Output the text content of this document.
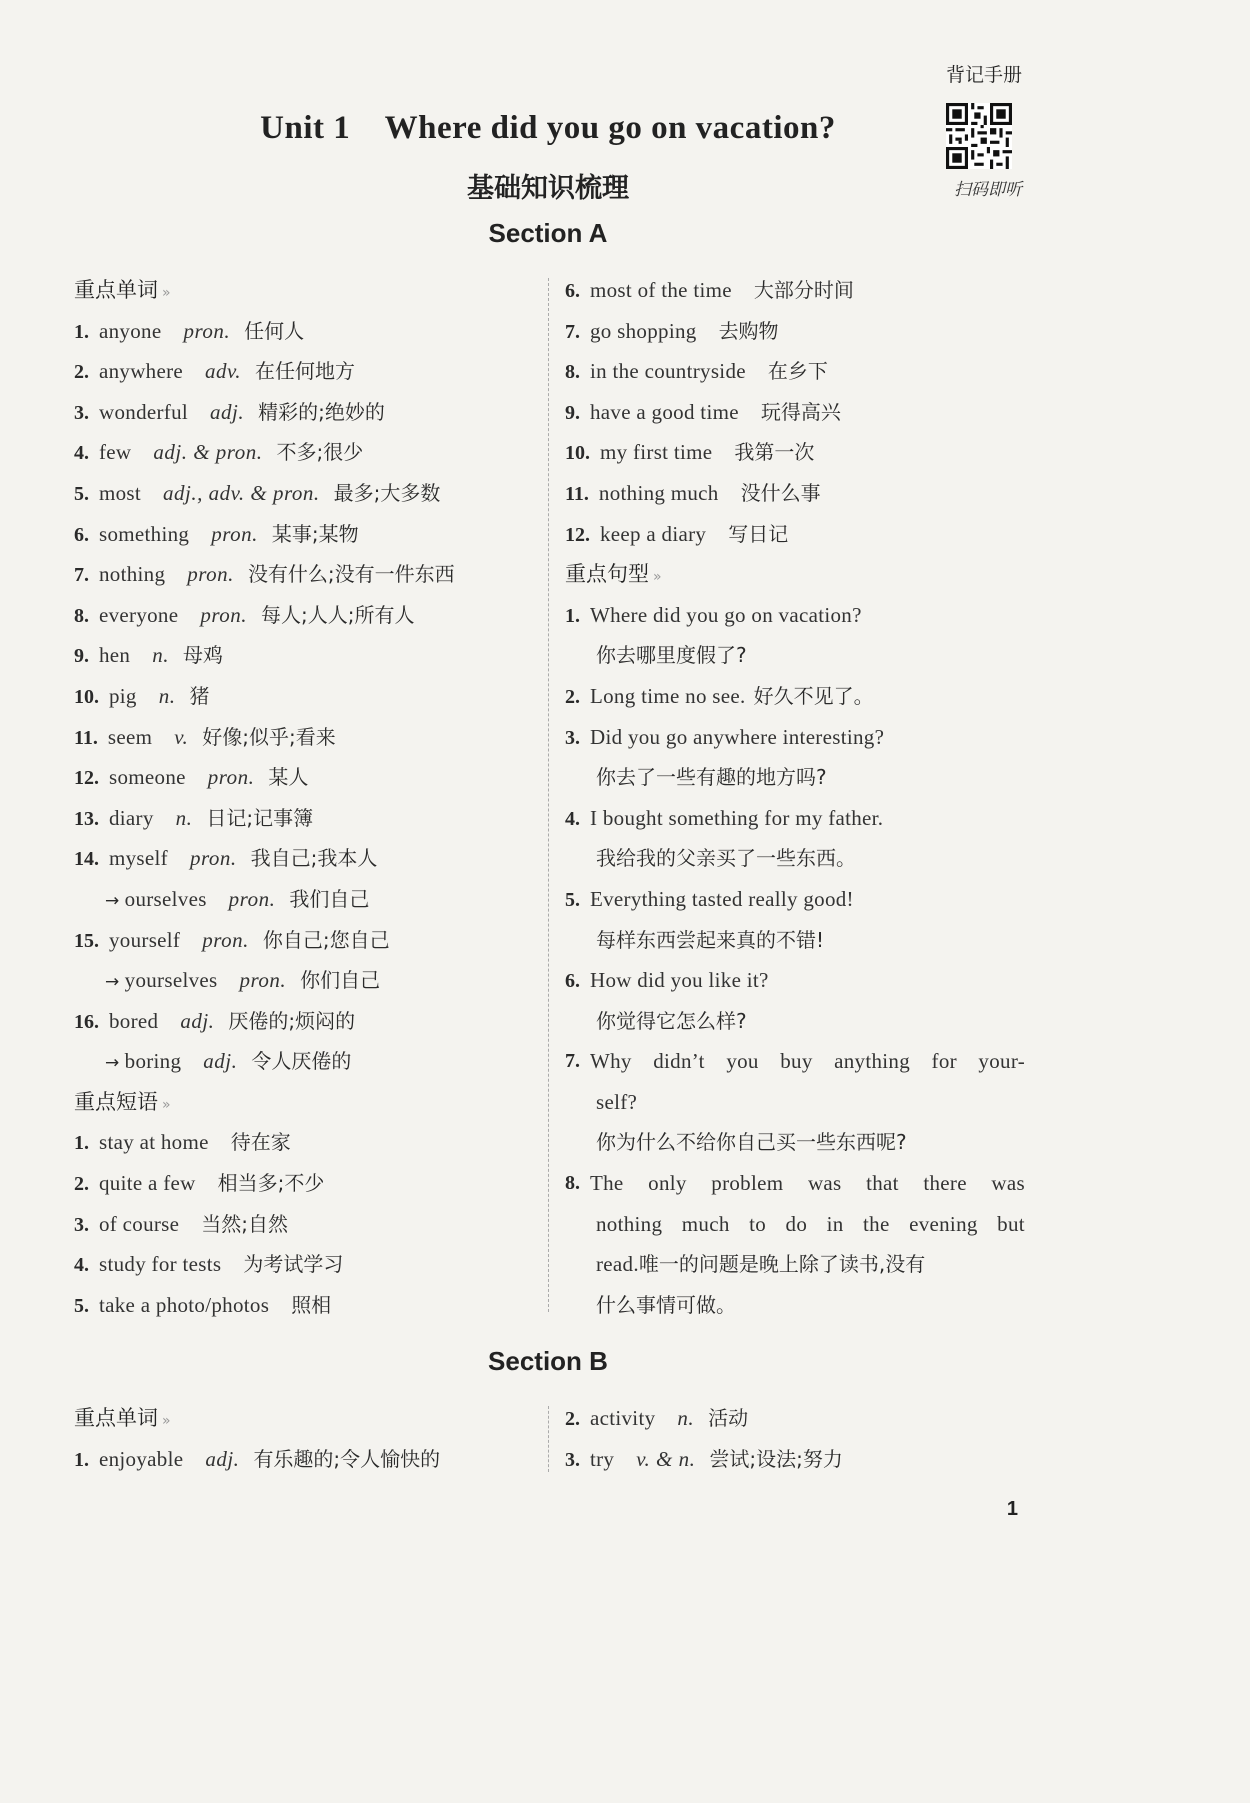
背记手册
扫码即听
Unit 1    Where did you go on vacation?
基础知识梳理
Section A
重点单词 »
1. anyone pron. 任何人
2. anywhere adv. 在任何地方
3. wonderful adj. 精彩的;绝妙的
4. few adj. & pron. 不多;很少
5. most adj., adv. & pron. 最多;大多数
6. something pron. 某事;某物
7. nothing pron. 没有什么;没有一件东西
8. everyone pron. 每人;人人;所有人
9. hen n. 母鸡
10. pig n. 猪
11. seem v. 好像;似乎;看来
12. someone pron. 某人
13. diary n. 日记;记事簿
14. myself pron. 我自己;我本人
→ ourselves pron. 我们自己
15. yourself pron. 你自己;您自己
→ yourselves pron. 你们自己
16. bored adj. 厌倦的;烦闷的
→ boring adj. 令人厌倦的
重点短语 »
1. stay at home 待在家
2. quite a few 相当多;不少
3. of course 当然;自然
4. study for tests 为考试学习
5. take a photo/photos 照相
6. most of the time 大部分时间
7. go shopping 去购物
8. in the countryside 在乡下
9. have a good time 玩得高兴
10. my first time 我第一次
11. nothing much 没什么事
12. keep a diary 写日记
重点句型 »
1. Where did you go on vacation?
你去哪里度假了?
2. Long time no see. 好久不见了。
3. Did you go anywhere interesting?
你去了一些有趣的地方吗?
4. I bought something for my father.
我给我的父亲买了一些东西。
5. Everything tasted really good!
每样东西尝起来真的不错!
6. How did you like it?
你觉得它怎么样?
7. Why didn’t you buy anything for your-
self?
你为什么不给你自己买一些东西呢?
8. The only problem was that there was
nothing much to do in the evening but
read.唯一的问题是晚上除了读书,没有
什么事情可做。
Section B
重点单词 »
1. enjoyable adj. 有乐趣的;令人愉快的
2. activity n. 活动
3. try v. & n. 尝试;设法;努力
1
